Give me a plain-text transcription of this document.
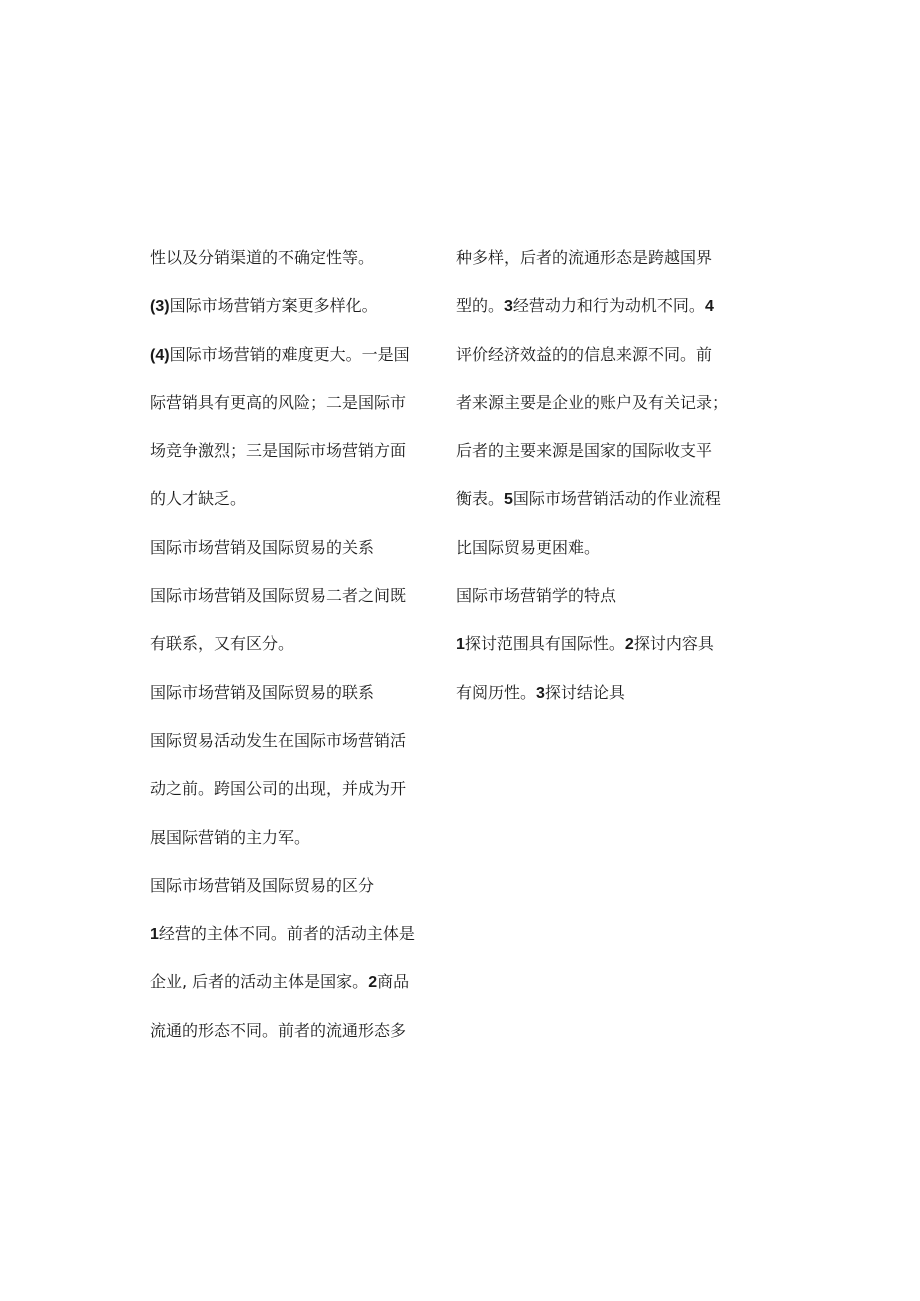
性以及分销渠道的不确定性等。
(3)国际市场营销方案更多样化。
(4)国际市场营销的难度更大。一是国
际营销具有更高的风险；二是国际市
场竞争激烈；三是国际市场营销方面
的人才缺乏。
国际市场营销及国际贸易的关系
国际市场营销及国际贸易二者之间既
有联系，又有区分。
国际市场营销及国际贸易的联系
国际贸易活动发生在国际市场营销活
动之前。跨国公司的出现，并成为开
展国际营销的主力军。
国际市场营销及国际贸易的区分
1经营的主体不同。前者的活动主体是
企业, 后者的活动主体是国家。2商品
流通的形态不同。前者的流通形态多
种多样，后者的流通形态是跨越国界
型的。3经营动力和行为动机不同。4
评价经济效益的的信息来源不同。前
者来源主要是企业的账户及有关记录；
后者的主要来源是国家的国际收支平
衡表。5国际市场营销活动的作业流程
比国际贸易更困难。
国际市场营销学的特点
1探讨范围具有国际性。2探讨内容具
有阅历性。3探讨结论具
